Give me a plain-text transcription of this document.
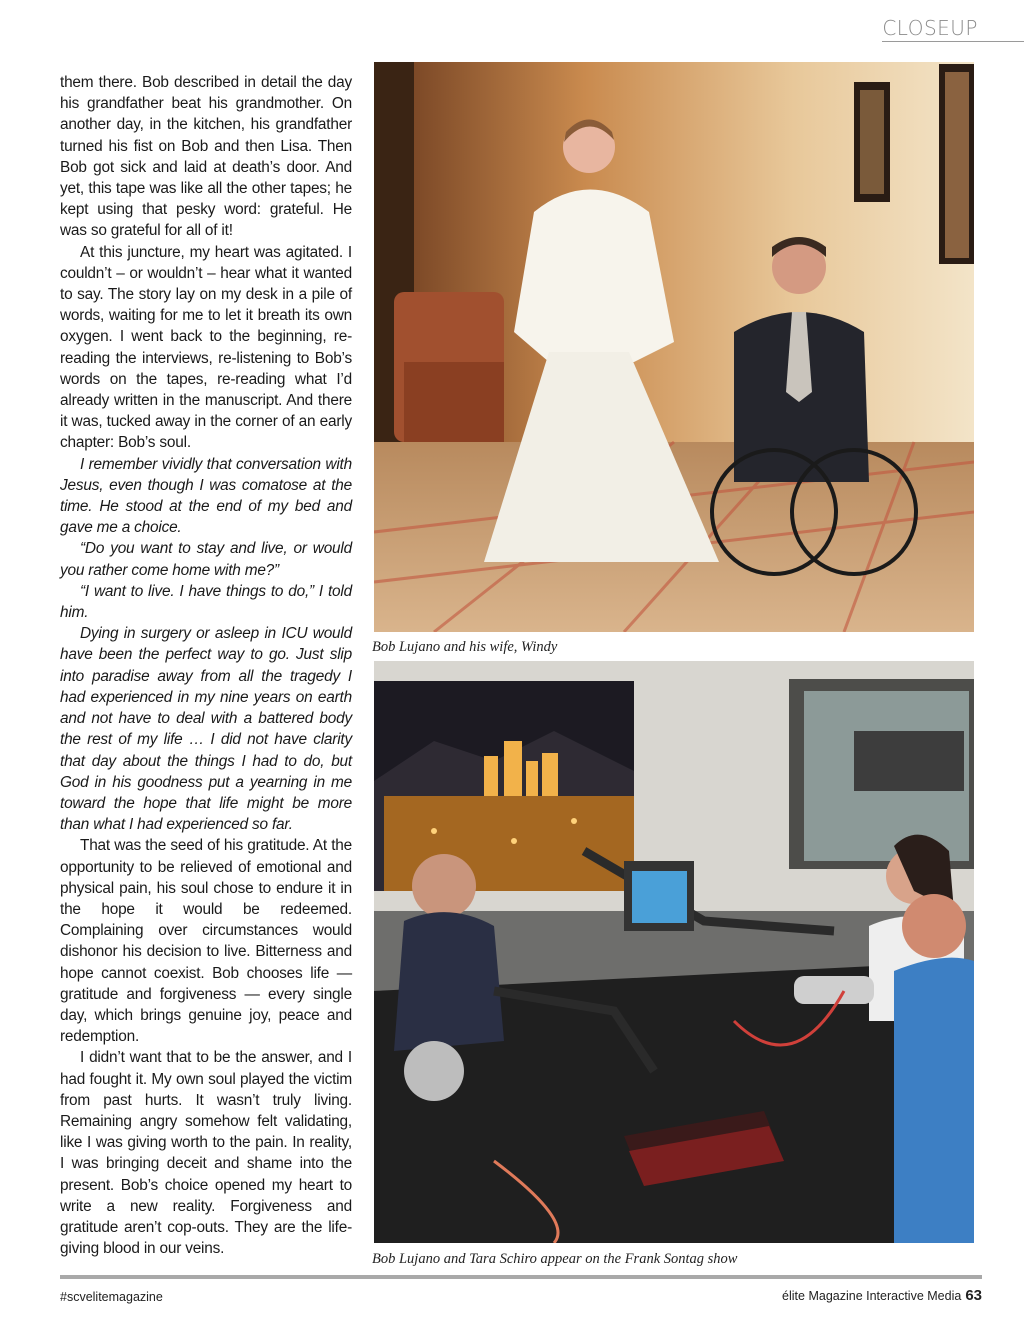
CLOSEUP

them there. Bob described in detail the day his grandfather beat his grandmother. On another day, in the kitchen, his grandfather turned his fist on Bob and then Lisa. Then Bob got sick and laid at death’s door. And yet, this tape was like all the other tapes; he kept using that pesky word: grateful. He was so grateful for all of it!

At this juncture, my heart was agitated. I couldn’t – or wouldn’t – hear what it wanted to say. The story lay on my desk in a pile of words, waiting for me to let it breath its own oxygen. I went back to the beginning, re-reading the interviews, re-listening to Bob’s words on the tapes, re-reading what I’d already written in the manuscript. And there it was, tucked away in the corner of an early chapter: Bob’s soul.

I remember vividly that conversation with Jesus, even though I was comatose at the time. He stood at the end of my bed and gave me a choice.

“Do you want to stay and live, or would you rather come home with me?”

“I want to live. I have things to do,” I told him.

Dying in surgery or asleep in ICU would have been the perfect way to go. Just slip into paradise away from all the tragedy I had experienced in my nine years on earth and not have to deal with a battered body the rest of my life … I did not have clarity that day about the things I had to do, but God in his goodness put a yearning in me toward the hope that life might be more than what I had experienced so far.

That was the seed of his gratitude. At the opportunity to be relieved of emotional and physical pain, his soul chose to endure it in the hope it would be redeemed. Complaining over circumstances would dishonor his decision to live. Bitterness and hope cannot coexist. Bob chooses life — gratitude and forgiveness — every single day, which brings genuine joy, peace and redemption.

I didn’t want that to be the answer, and I had fought it. My own soul played the victim from past hurts. It wasn’t truly living. Remaining angry somehow felt validating, like I was giving worth to the pain. In reality, I was bringing deceit and shame into the present. Bob’s choice opened my heart to write a new reality. Forgiveness and gratitude aren’t cop-outs. They are the life-giving blood in our veins.

Bob Lujano and his wife, Windy
Bob Lujano and Tara Schiro appear on the Frank Sontag show
#scvelitemagazine	élite Magazine Interactive Media 63
